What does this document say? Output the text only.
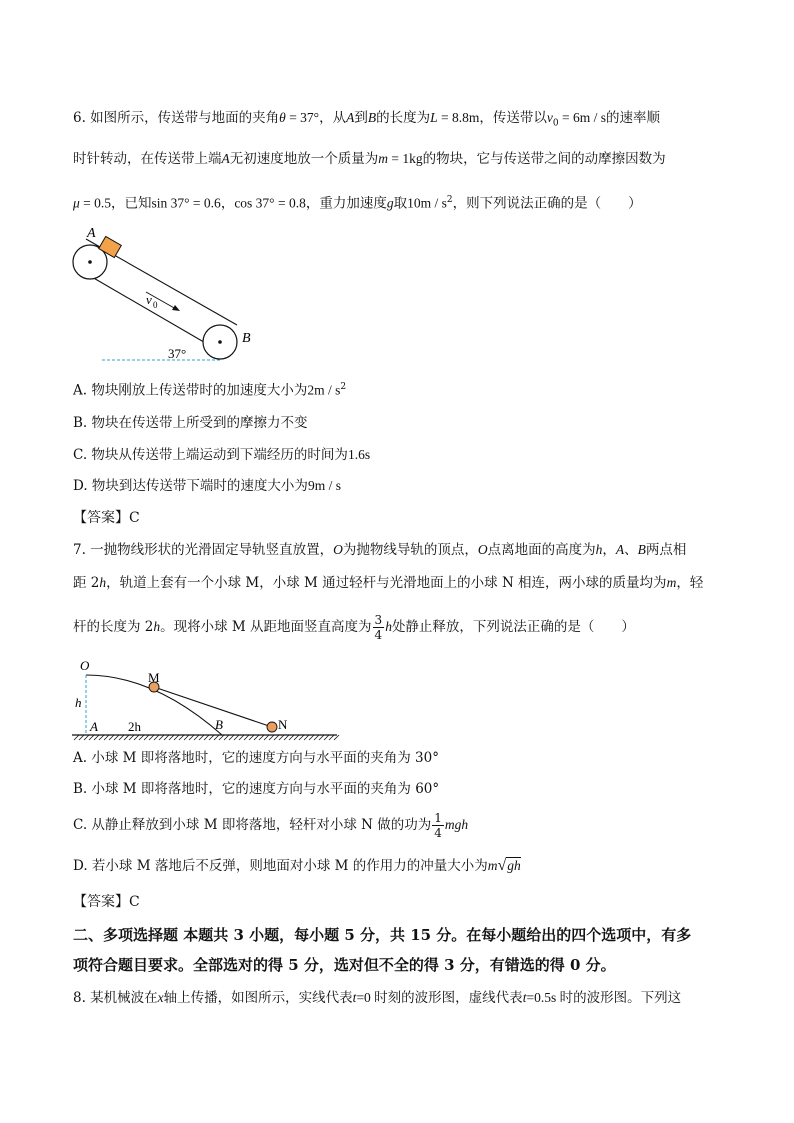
6. 如图所示，传送带与地面的夹角θ = 37°，从A到B的长度为L = 8.8m，传送带以$v_0 = 6m / s$的速率顺
时针转动，在传送带上端A无初速度地放一个质量为m = 1kg的物块，它与传送带之间的动摩擦因数为
μ = 0.5，已知sin 37° = 0.6，cos 37° = 0.8，重力加速度g取$10m / s^2$，则下列说法正确的是（　　）
A
B
v 0
37°
A. 物块刚放上传送带时的加速度大小为$2m / s^2$
B. 物块在传送带上所受到的摩擦力不变
C. 物块从传送带上端运动到下端经历的时间为1.6s
D. 物块到达传送带下端时的速度大小为9m / s
【答案】C
7. 一抛物线形状的光滑固定导轨竖直放置，O为抛物线导轨的顶点，O点离地面的高度为h，A、B两点相
距 2h，轨道上套有一个小球 M，小球 M 通过轻杆与光滑地面上的小球 N 相连，两小球的质量均为m，轻
杆的长度为 2h。现将小球 M 从距地面竖直高度为 $\frac{3}{4}$ h处静止释放，下列说法正确的是（　　）
O
M
h
A 2h	B	N
A. 小球 M 即将落地时，它的速度方向与水平面的夹角为 30°
B. 小球 M 即将落地时，它的速度方向与水平面的夹角为 60°
C. 从静止释放到小球 M 即将落地，轻杆对小球 N 做的功为 $\frac{1}{4}$ mgh
D. 若小球 M 落地后不反弹，则地面对小球 M 的作用力的冲量大小为m√gh
【答案】C
二、多项选择题 本题共 3 小题，每小题 5 分，共 15 分。在每小题给出的四个选项中，有多
项符合题目要求。全部选对的得 5 分，选对但不全的得 3 分，有错选的得 0 分。
8. 某机械波在x轴上传播，如图所示，实线代表t=0 时刻的波形图，虚线代表t=0.5s 时的波形图。下列这
